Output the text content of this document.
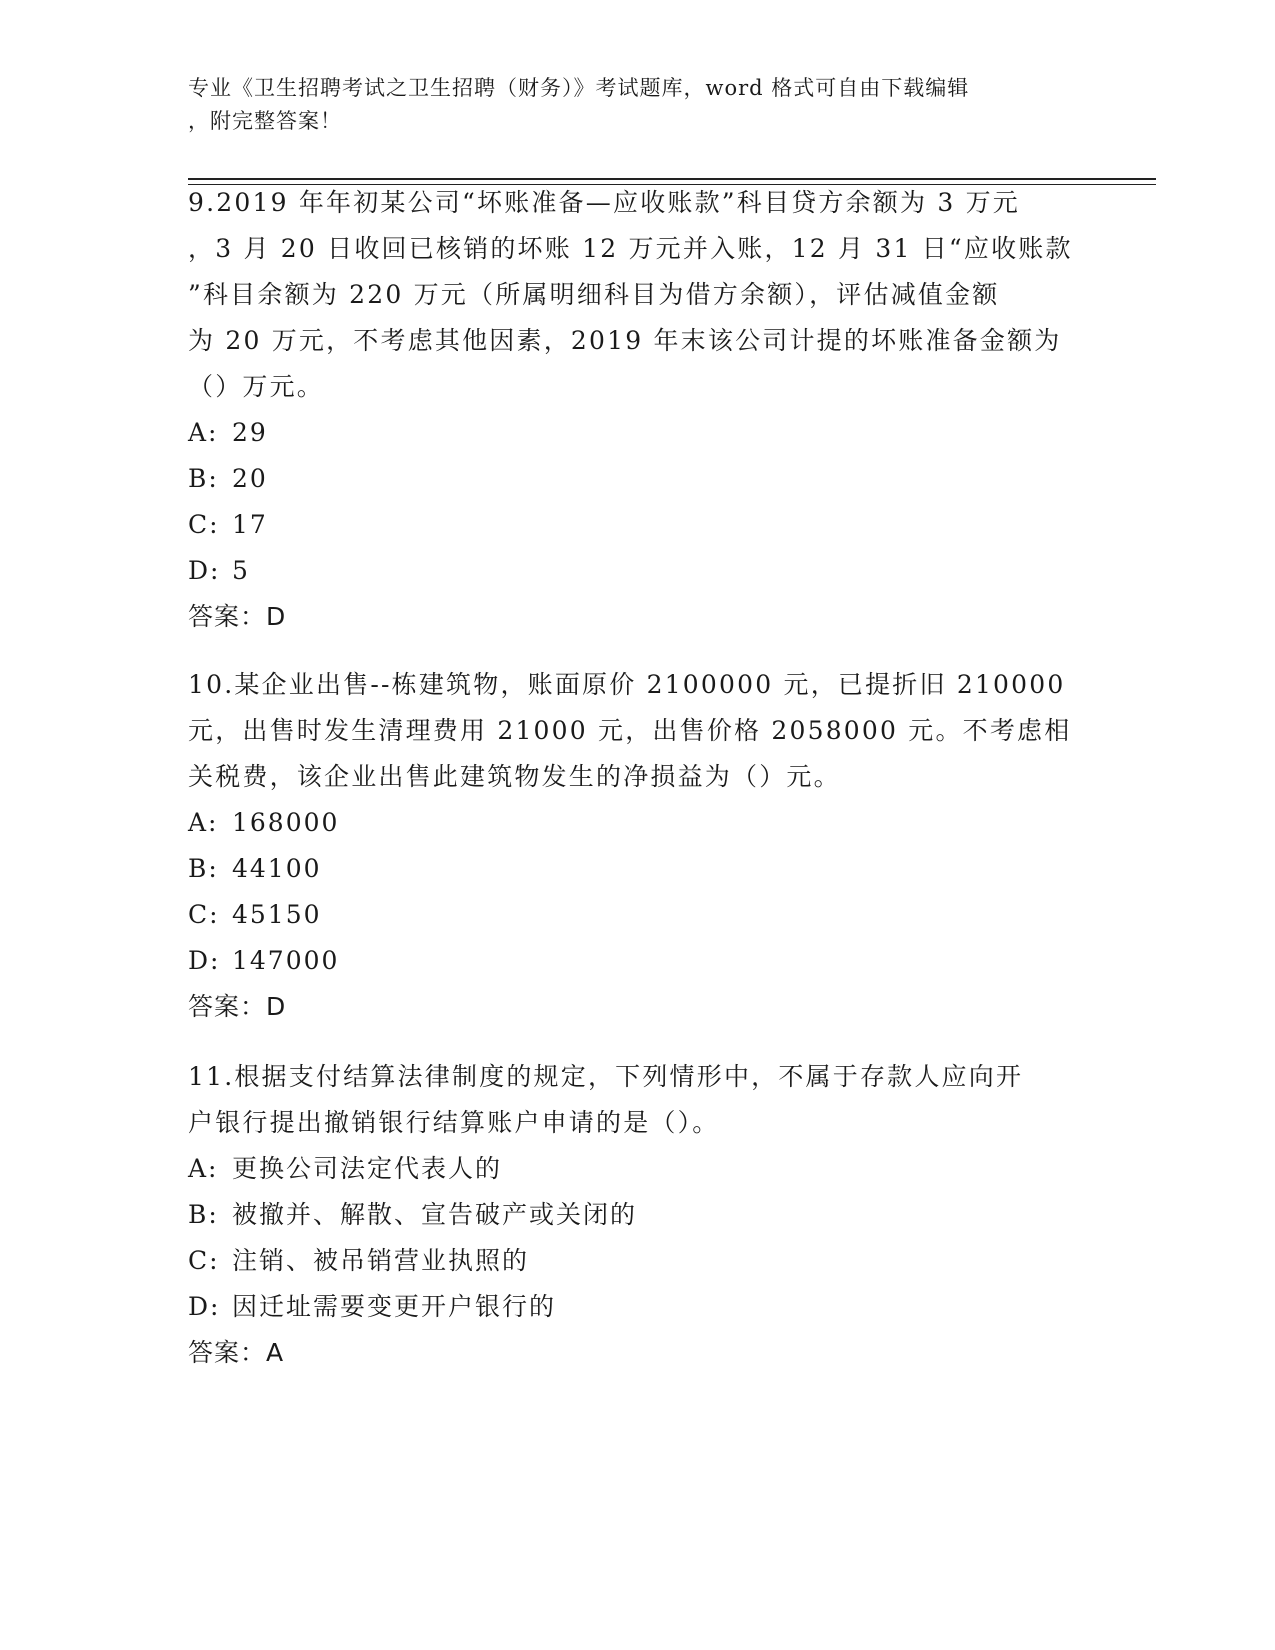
专业《卫生招聘考试之卫生招聘（财务）》考试题库，word 格式可自由下载编辑
，附完整答案！

9.2019 年年初某公司“坏账准备—应收账款”科目贷方余额为 3 万元

，3 月 20 日收回已核销的坏账 12 万元并入账，12 月 31 日“应收账款

”科目余额为 220 万元（所属明细科目为借方余额），评估减值金额

为 20 万元，不考虑其他因素，2019 年末该公司计提的坏账准备金额为

（）万元。

A: 29

B: 20

C: 17

D: 5

答案：D

10.某企业出售--栋建筑物，账面原价 2100000 元，已提折旧 210000

元，出售时发生清理费用 21000 元，出售价格 2058000 元。不考虑相

关税费，该企业出售此建筑物发生的净损益为（）元。

A: 168000

B: 44100

C: 45150

D: 147000

答案：D

11.根据支付结算法律制度的规定，下列情形中，不属于存款人应向开

户银行提出撤销银行结算账户申请的是（）。

A: 更换公司法定代表人的

B: 被撤并、解散、宣告破产或关闭的

C: 注销、被吊销营业执照的

D: 因迁址需要变更开户银行的

答案：A
